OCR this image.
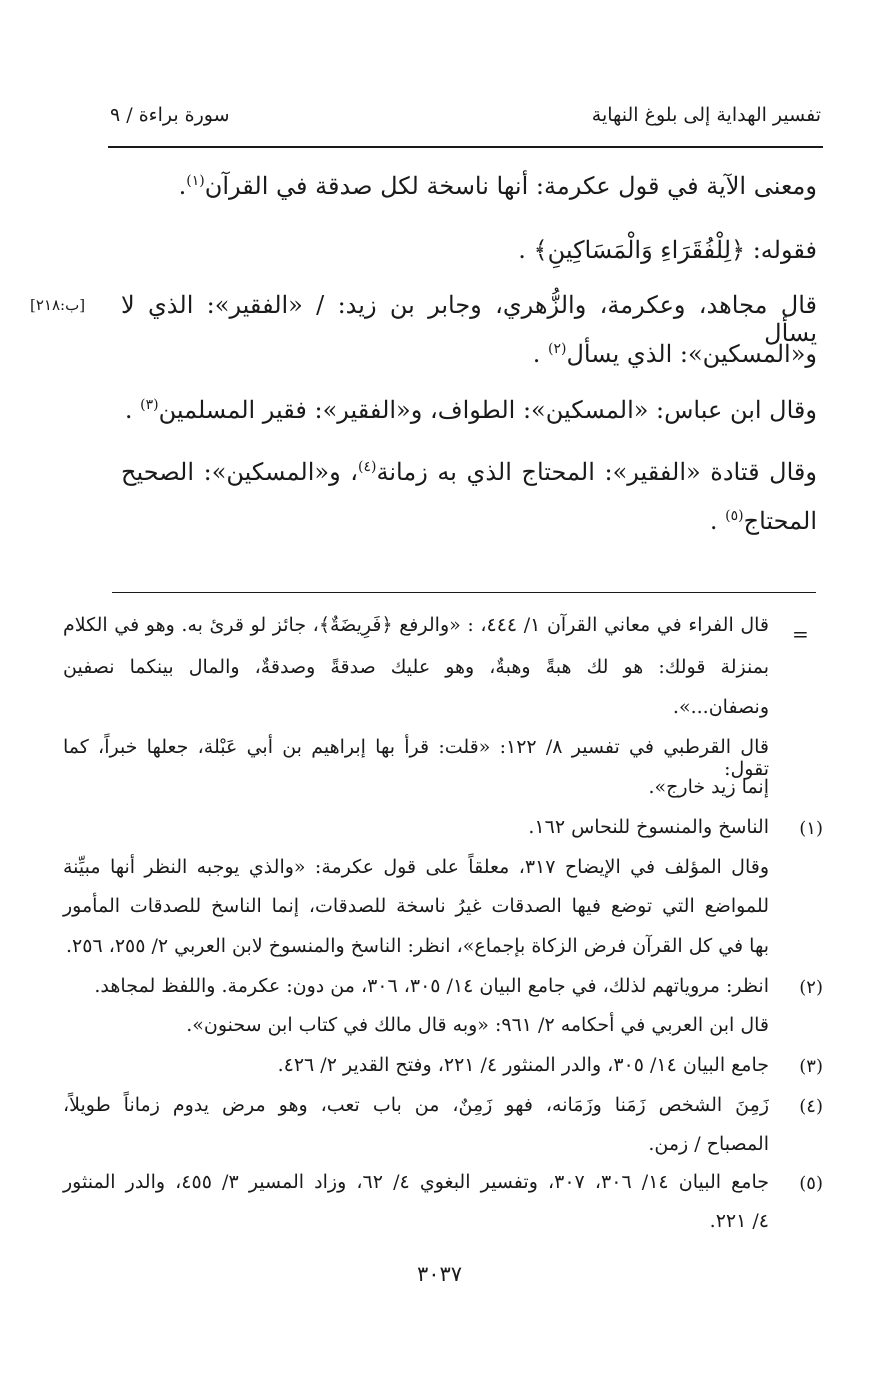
تفسير الهداية إلى بلوغ النهاية
سورة براءة / ٩
ومعنى الآية في قول عكرمة: أنها ناسخة لكل صدقة في القرآن$^{(١)}$.
فقوله: ﴿لِلْفُقَرَاءِ وَالْمَسَاكِينِ﴾ .
قال مجاهد، وعكرمة، والزُّهري، وجابر بن زيد: / «الفقير»: الذي لا يسأل
[ب:٢١٨]
و«المسكين»: الذي يسأل$^{(٢)}$ .
وقال ابن عباس: «المسكين»: الطواف، و«الفقير»: فقير المسلمين$^{(٣)}$ .
وقال قتادة «الفقير»: المحتاج الذي به زمانة$^{(٤)}$، و«المسكين»: الصحيح
المحتاج$^{(٥)}$ .
=
قال الفراء في معاني القرآن ١/ ٤٤٤، : «والرفع ﴿فَرِيضَةٌ﴾، جائز لو قرئ به. وهو في الكلام
بمنزلة قولك: هو لك هبةً وهبةٌ، وهو عليك صدقةً وصدقةٌ، والمال بينكما نصفين
ونصفان...».
قال القرطبي في تفسير ٨/ ١٢٢: «قلت: قرأ بها إبراهيم بن أبي عَبْلة، جعلها خبراً، كما تقول:
إنما زيد خارج».
(١)
الناسخ والمنسوخ للنحاس ١٦٢.
وقال المؤلف في الإيضاح ٣١٧، معلقاً على قول عكرمة: «والذي يوجبه النظر أنها مبيِّنة
للمواضع التي توضع فيها الصدقات غيرُ ناسخة للصدقات، إنما الناسخ للصدقات المأمور
بها في كل القرآن فرض الزكاة بإجماع»، انظر: الناسخ والمنسوخ لابن العربي ٢/ ٢٥٥، ٢٥٦.
(٢)
انظر: مروياتهم لذلك، في جامع البيان ١٤/ ٣٠٥، ٣٠٦، من دون: عكرمة. واللفظ لمجاهد.
قال ابن العربي في أحكامه ٢/ ٩٦١: «وبه قال مالك في كتاب ابن سحنون».
(٣)
جامع البيان ١٤/ ٣٠٥، والدر المنثور ٤/ ٢٢١، وفتح القدير ٢/ ٤٢٦.
(٤)
زَمِنَ الشخص زَمَنا وزَمَانه، فهو زَمِنٌ، من باب تعب، وهو مرض يدوم زماناً طويلاً،
المصباح / زمن.
(٥)
جامع البيان ١٤/ ٣٠٦، ٣٠٧، وتفسير البغوي ٤/ ٦٢، وزاد المسير ٣/ ٤٥٥، والدر المنثور
٤/ ٢٢١.
٣٠٣٧
